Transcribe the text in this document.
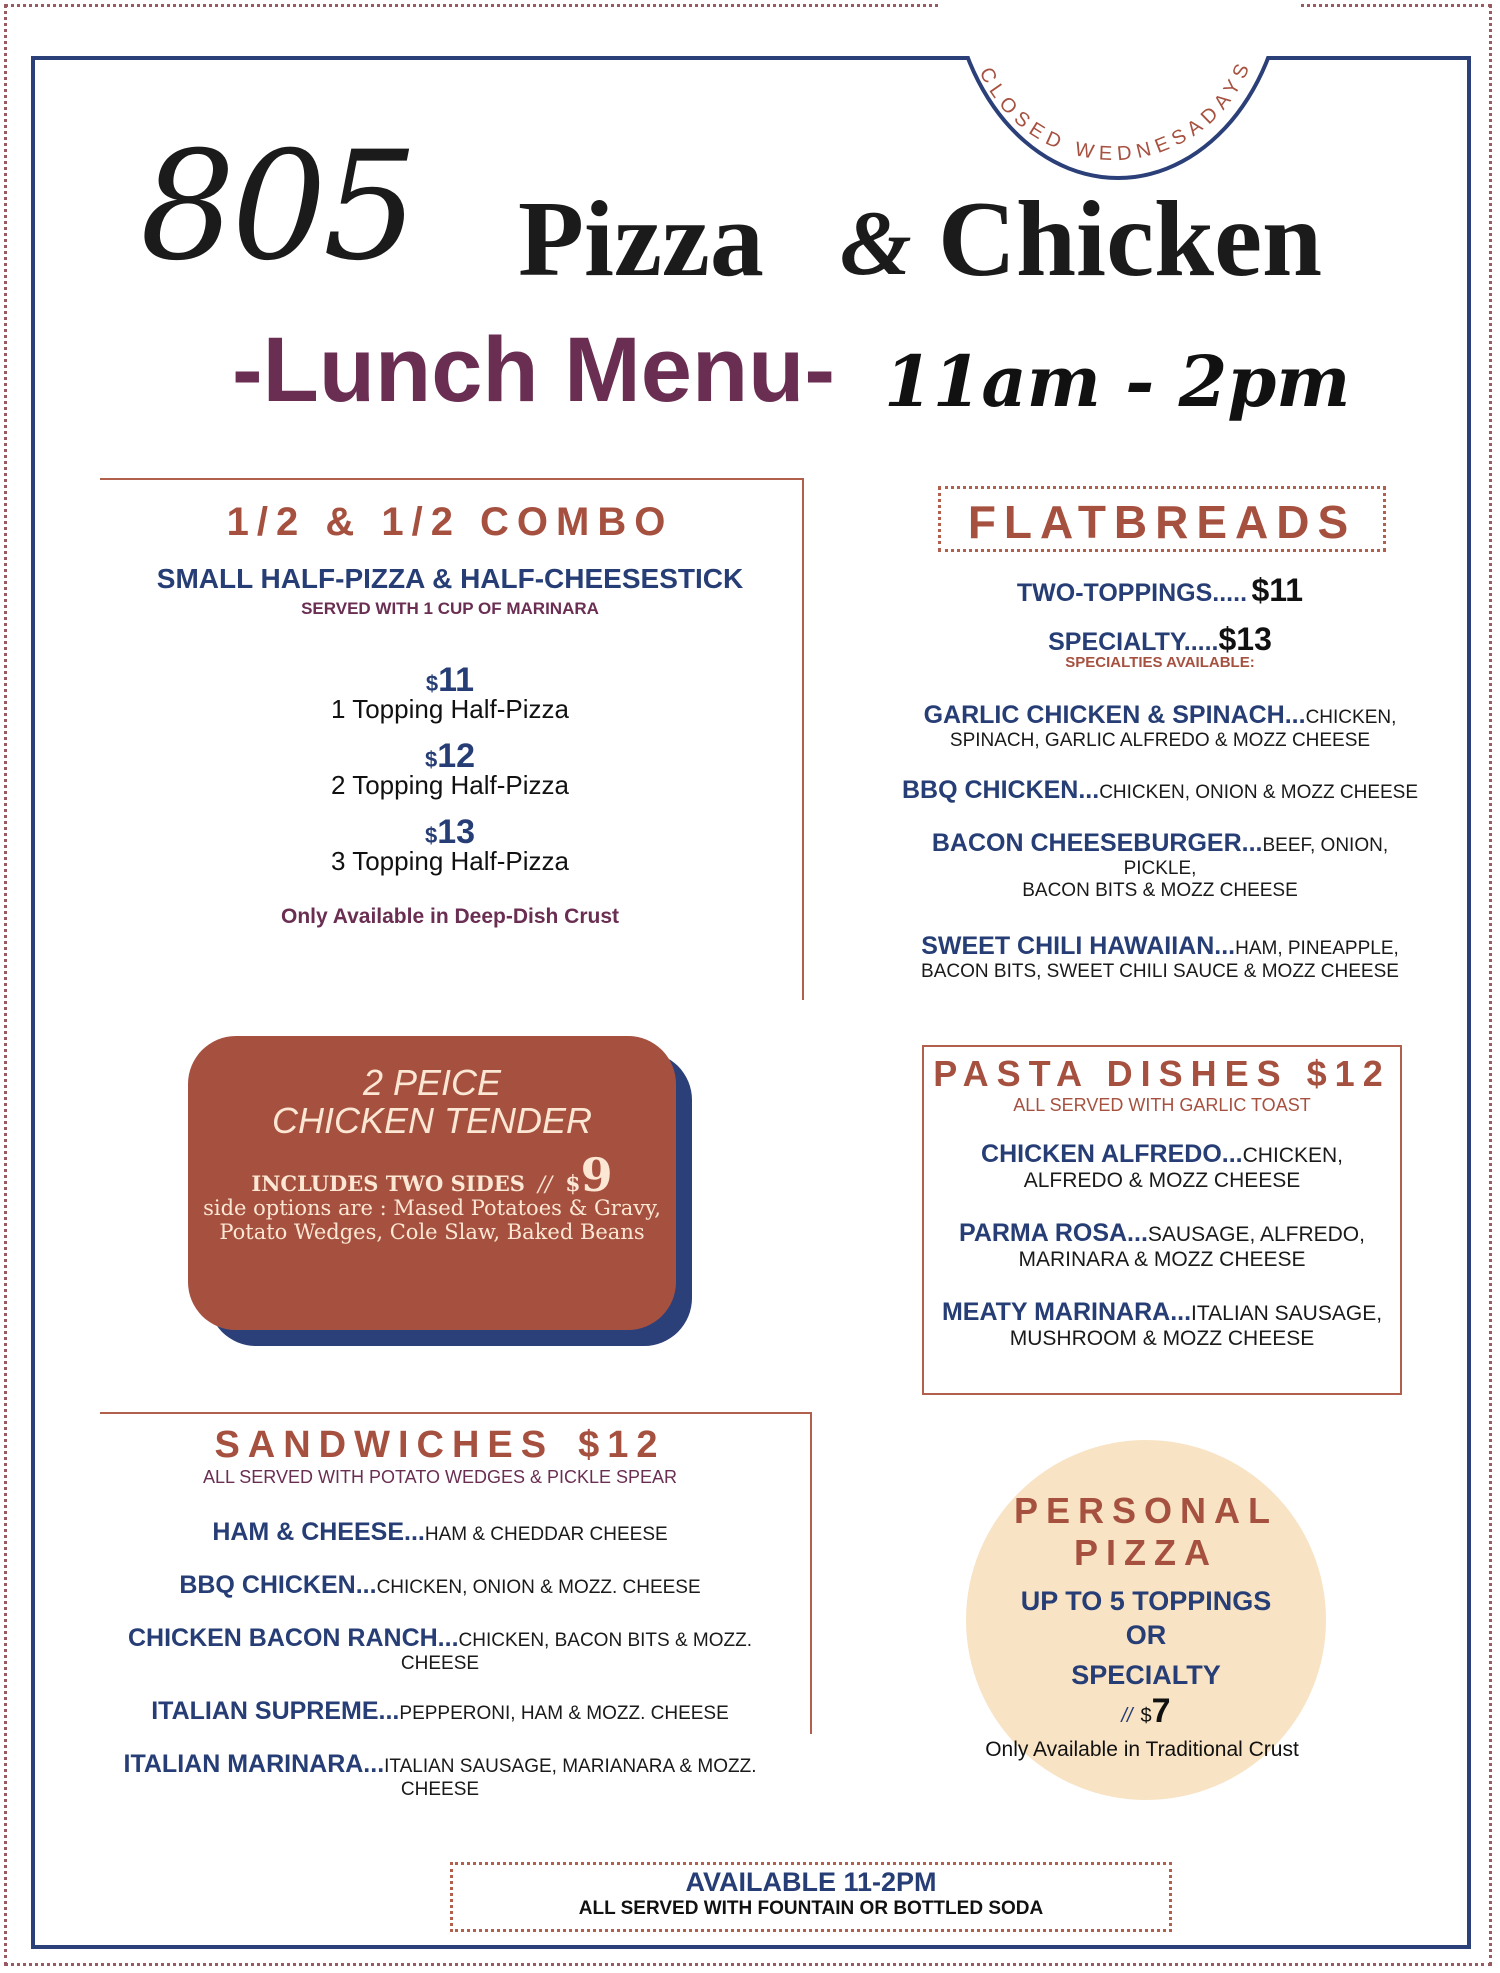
CLOSED WEDNESADAYS
805 Pizza & Chicken
-Lunch Menu- 11am - 2pm
1/2 & 1/2 COMBO
SMALL HALF-PIZZA & HALF-CHEESESTICK
SERVED WITH 1 CUP OF MARINARA
$11
1 Topping Half-Pizza
$12
2 Topping Half-Pizza
$13
3 Topping Half-Pizza
Only Available in Deep-Dish Crust
FLATBREADS
TWO-TOPPINGS..... $11
SPECIALTY.....$13
SPECIALTIES AVAILABLE:
GARLIC CHICKEN & SPINACH...CHICKEN,
SPINACH, GARLIC ALFREDO & MOZZ CHEESE
BBQ CHICKEN...CHICKEN, ONION & MOZZ CHEESE
BACON CHEESEBURGER...BEEF, ONION, PICKLE,
BACON BITS & MOZZ CHEESE
SWEET CHILI HAWAIIAN...HAM, PINEAPPLE,
BACON BITS, SWEET CHILI SAUCE & MOZZ CHEESE
2 PEICE
CHICKEN TENDER
INCLUDES TWO SIDES // $9
side options are : Mased Potatoes & Gravy,
Potato Wedges, Cole Slaw, Baked Beans
PASTA DISHES $12
ALL SERVED WITH GARLIC TOAST
CHICKEN ALFREDO...CHICKEN,
ALFREDO & MOZZ CHEESE
PARMA ROSA...SAUSAGE, ALFREDO,
MARINARA & MOZZ CHEESE
MEATY MARINARA...ITALIAN SAUSAGE,
MUSHROOM & MOZZ CHEESE
SANDWICHES $12
ALL SERVED WITH POTATO WEDGES & PICKLE SPEAR
HAM & CHEESE...HAM & CHEDDAR CHEESE
BBQ CHICKEN...CHICKEN, ONION & MOZZ. CHEESE
CHICKEN BACON RANCH...CHICKEN, BACON BITS & MOZZ.
CHEESE
ITALIAN SUPREME...PEPPERONI, HAM & MOZZ. CHEESE
ITALIAN MARINARA...ITALIAN SAUSAGE, MARIANARA & MOZZ.
CHEESE
PERSONAL
PIZZA
UP TO 5 TOPPINGS
OR
SPECIALTY
// $7
Only Available in Traditional Crust
AVAILABLE 11-2PM
ALL SERVED WITH FOUNTAIN OR BOTTLED SODA
